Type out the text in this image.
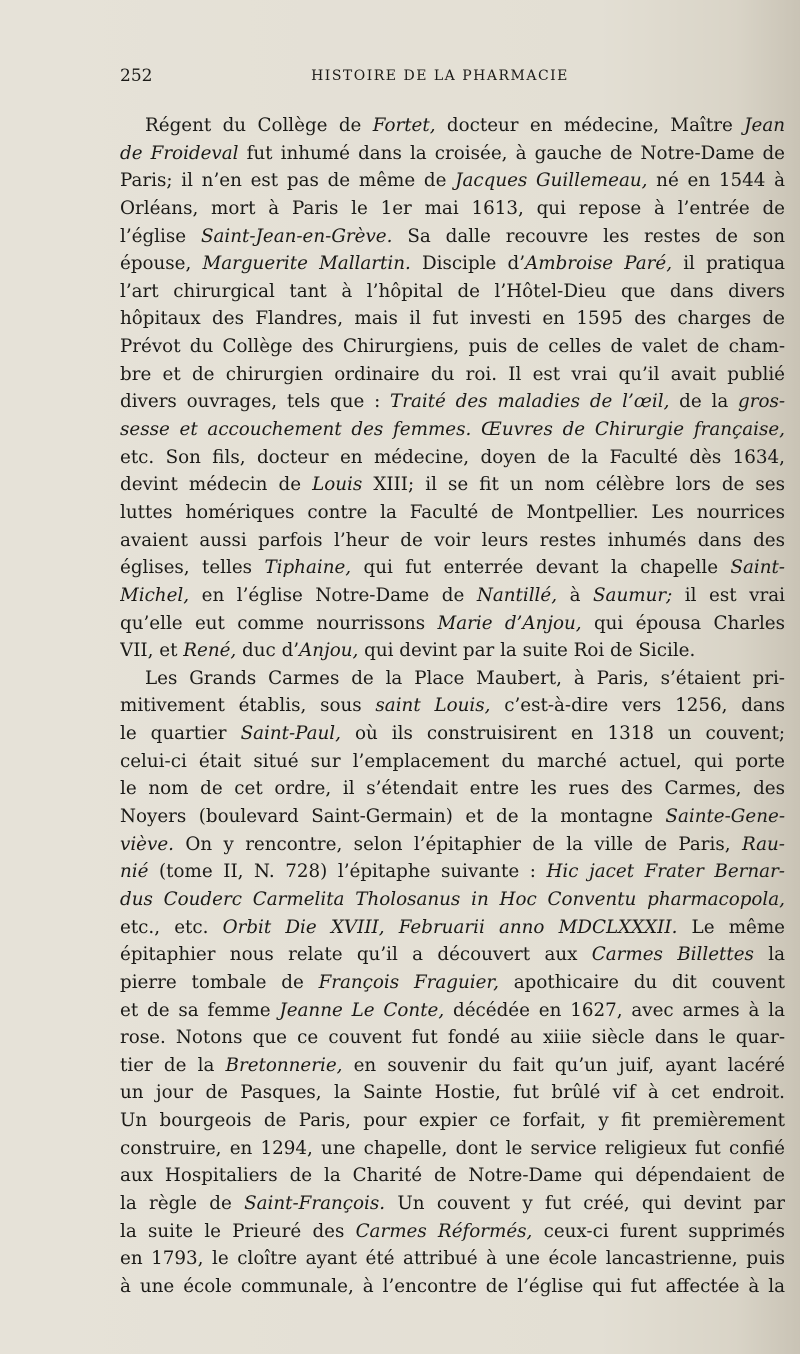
252	HISTOIRE DE LA PHARMACIE
Régent du Collège de Fortet, docteur en médecine, Maître Jean
de Froideval fut inhumé dans la croisée, à gauche de Notre-Dame de
Paris; il n’en est pas de même de Jacques Guillemeau, né en 1544 à
Orléans, mort à Paris le 1er mai 1613, qui repose à l’entrée de
l’église Saint-Jean-en-Grève. Sa dalle recouvre les restes de son
épouse, Marguerite Mallartin. Disciple d’Ambroise Paré, il pratiqua
l’art chirurgical tant à l’hôpital de l’Hôtel-Dieu que dans divers
hôpitaux des Flandres, mais il fut investi en 1595 des charges de
Prévot du Collège des Chirurgiens, puis de celles de valet de cham-
bre et de chirurgien ordinaire du roi. Il est vrai qu’il avait publié
divers ouvrages, tels que : Traité des maladies de l’œil, de la gros-
sesse et accouchement des femmes. Œuvres de Chirurgie française,
etc. Son fils, docteur en médecine, doyen de la Faculté dès 1634,
devint médecin de Louis XIII; il se fit un nom célèbre lors de ses
luttes homériques contre la Faculté de Montpellier. Les nourrices
avaient aussi parfois l’heur de voir leurs restes inhumés dans des
églises, telles Tiphaine, qui fut enterrée devant la chapelle Saint-
Michel, en l’église Notre-Dame de Nantillé, à Saumur; il est vrai
qu’elle eut comme nourrissons Marie d’Anjou, qui épousa Charles
VII, et René, duc d’Anjou, qui devint par la suite Roi de Sicile.
Les Grands Carmes de la Place Maubert, à Paris, s’étaient pri-
mitivement établis, sous saint Louis, c’est-à-dire vers 1256, dans
le quartier Saint-Paul, où ils construisirent en 1318 un couvent;
celui-ci était situé sur l’emplacement du marché actuel, qui porte
le nom de cet ordre, il s’étendait entre les rues des Carmes, des
Noyers (boulevard Saint-Germain) et de la montagne Sainte-Gene-
viève. On y rencontre, selon l’épitaphier de la ville de Paris, Rau-
nié (tome II, N. 728) l’épitaphe suivante : Hic jacet Frater Bernar-
dus Couderc Carmelita Tholosanus in Hoc Conventu pharmacopola,
etc., etc. Orbit Die XVIII, Februarii anno MDCLXXXII. Le même
épitaphier nous relate qu’il a découvert aux Carmes Billettes la
pierre tombale de François Fraguier, apothicaire du dit couvent
et de sa femme Jeanne Le Conte, décédée en 1627, avec armes à la
rose. Notons que ce couvent fut fondé au xiiie siècle dans le quar-
tier de la Bretonnerie, en souvenir du fait qu’un juif, ayant lacéré
un jour de Pasques, la Sainte Hostie, fut brûlé vif à cet endroit.
Un bourgeois de Paris, pour expier ce forfait, y fit premièrement
construire, en 1294, une chapelle, dont le service religieux fut confié
aux Hospitaliers de la Charité de Notre-Dame qui dépendaient de
la règle de Saint-François. Un couvent y fut créé, qui devint par
la suite le Prieuré des Carmes Réformés, ceux-ci furent supprimés
en 1793, le cloître ayant été attribué à une école lancastrienne, puis
à une école communale, à l’encontre de l’église qui fut affectée à la
